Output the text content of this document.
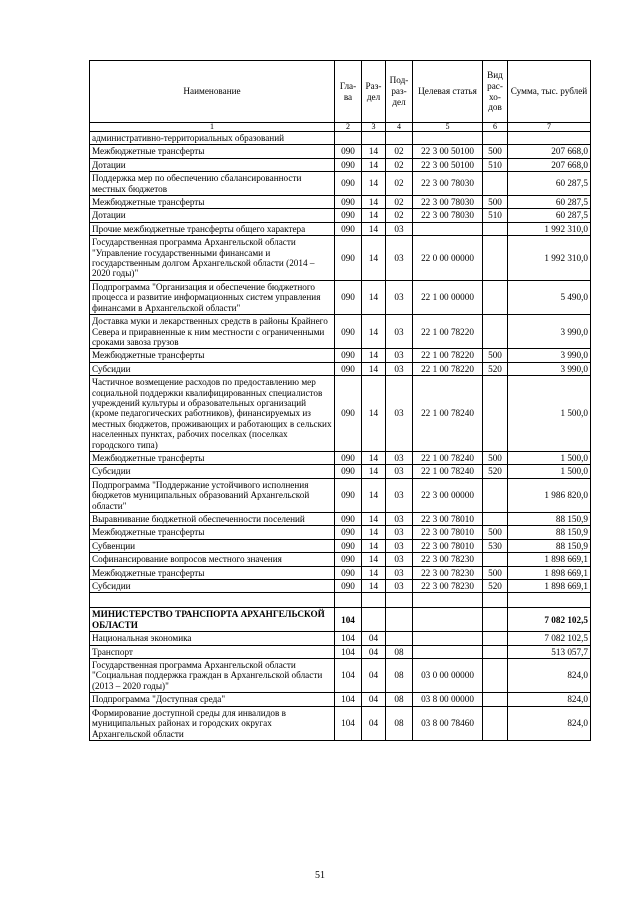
Наименование	Гла-ва	Раз-дел	Под-раз-дел	Целевая статья	Вид рас-хо-дов	Сумма, тыс. рублей
1	2	3	4	5	6	7
административно-территориальных образований						
Межбюджетные трансферты	090	14	02	22 3 00 50100	500	207 668,0
Дотации	090	14	02	22 3 00 50100	510	207 668,0
Поддержка мер по обеспечению сбалансированности местных бюджетов	090	14	02	22 3 00 78030		60 287,5
Межбюджетные трансферты	090	14	02	22 3 00 78030	500	60 287,5
Дотации	090	14	02	22 3 00 78030	510	60 287,5
Прочие межбюджетные трансферты общего характера	090	14	03			1 992 310,0
Государственная программа Архангельской области "Управление государственными финансами и государственным долгом Архангельской области (2014 – 2020 годы)"	090	14	03	22 0 00 00000		1 992 310,0
Подпрограмма "Организация и обеспечение бюджетного процесса и развитие информационных систем управления финансами в Архангельской области"	090	14	03	22 1 00 00000		5 490,0
Доставка муки и лекарственных средств в районы Крайнего Севера и приравненные к ним местности с ограниченными сроками завоза грузов	090	14	03	22 1 00 78220		3 990,0
Межбюджетные трансферты	090	14	03	22 1 00 78220	500	3 990,0
Субсидии	090	14	03	22 1 00 78220	520	3 990,0
Частичное возмещение расходов по предоставлению мер социальной поддержки квалифицированных специалистов учреждений культуры и образовательных организаций (кроме педагогических работников), финансируемых из местных бюджетов, проживающих и работающих в сельских населенных пунктах, рабочих поселках (поселках городского типа)	090	14	03	22 1 00 78240		1 500,0
Межбюджетные трансферты	090	14	03	22 1 00 78240	500	1 500,0
Субсидии	090	14	03	22 1 00 78240	520	1 500,0
Подпрограмма "Поддержание устойчивого исполнения бюджетов муниципальных образований Архангельской области"	090	14	03	22 3 00 00000		1 986 820,0
Выравнивание бюджетной обеспеченности поселений	090	14	03	22 3 00 78010		88 150,9
Межбюджетные трансферты	090	14	03	22 3 00 78010	500	88 150,9
Субвенции	090	14	03	22 3 00 78010	530	88 150,9
Софинансирование вопросов местного значения	090	14	03	22 3 00 78230		1 898 669,1
Межбюджетные трансферты	090	14	03	22 3 00 78230	500	1 898 669,1
Субсидии	090	14	03	22 3 00 78230	520	1 898 669,1

МИНИСТЕРСТВО ТРАНСПОРТА АРХАНГЕЛЬСКОЙ ОБЛАСТИ	104					7 082 102,5
Национальная экономика	104	04				7 082 102,5
Транспорт	104	04	08			513 057,7
Государственная программа Архангельской области "Социальная поддержка граждан в Архангельской области (2013 – 2020 годы)"	104	04	08	03 0 00 00000		824,0
Подпрограмма "Доступная среда"	104	04	08	03 8 00 00000		824,0
Формирование доступной среды для инвалидов в муниципальных районах и городских округах Архангельской области	104	04	08	03 8 00 78460		824,0
51
